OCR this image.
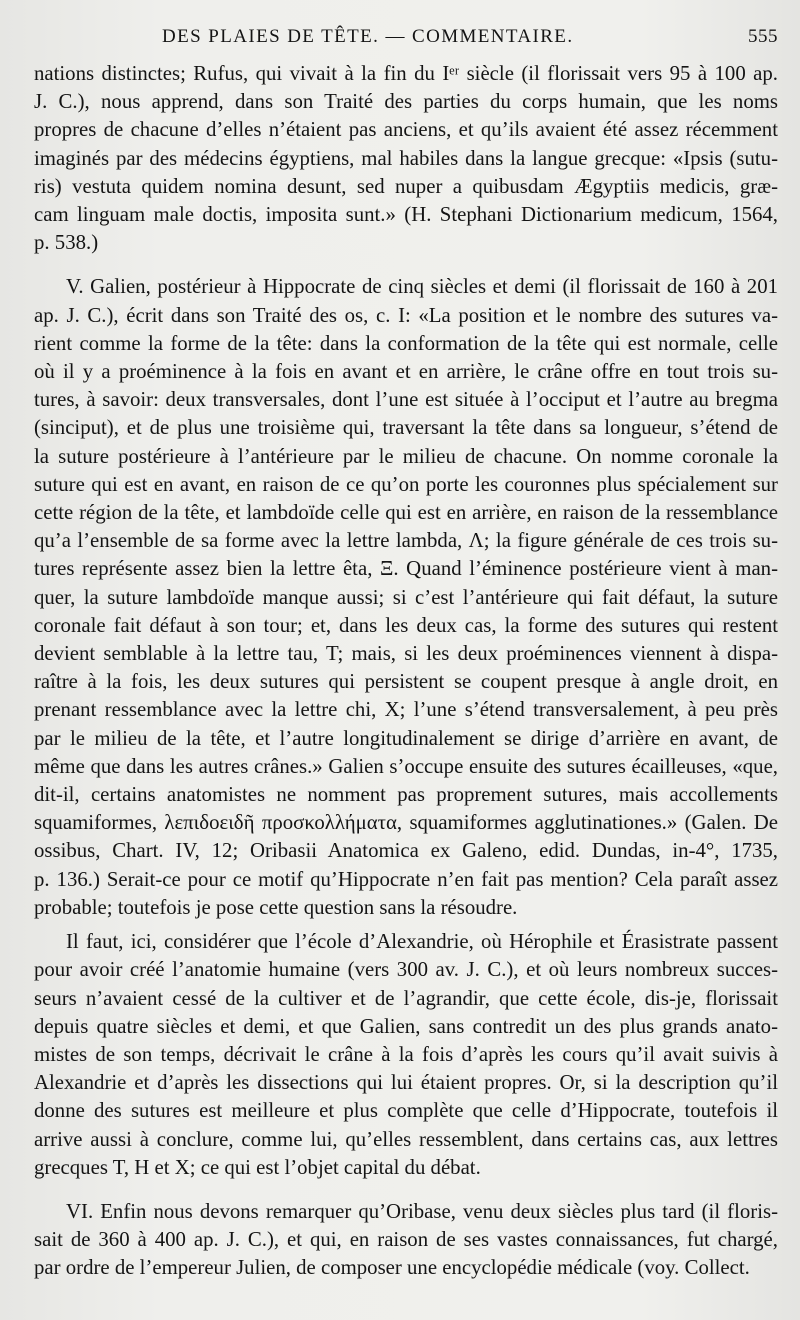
DES PLAIES DE TÊTE. — COMMENTAIRE.	555
nations distinctes; Rufus, qui vivait à la fin du Iᵉʳ siècle (il florissait vers 95 à 100 ap.
J. C.), nous apprend, dans son Traité des parties du corps humain, que les noms
propres de chacune d’elles n’étaient pas anciens, et qu’ils avaient été assez récemment
imaginés par des médecins égyptiens, mal habiles dans la langue grecque: «Ipsis (sutu-
ris) vestuta quidem nomina desunt, sed nuper a quibusdam Ægyptiis medicis, græ-
cam linguam male doctis, imposita sunt.» (H. Stephani Dictionarium medicum, 1564,
p. 538.)
V. Galien, postérieur à Hippocrate de cinq siècles et demi (il florissait de 160 à 201
ap. J. C.), écrit dans son Traité des os, c. I: «La position et le nombre des sutures va-
rient comme la forme de la tête: dans la conformation de la tête qui est normale, celle
où il y a proéminence à la fois en avant et en arrière, le crâne offre en tout trois su-
tures, à savoir: deux transversales, dont l’une est située à l’occiput et l’autre au bregma
(sinciput), et de plus une troisième qui, traversant la tête dans sa longueur, s’étend de
la suture postérieure à l’antérieure par le milieu de chacune. On nomme coronale la
suture qui est en avant, en raison de ce qu’on porte les couronnes plus spécialement sur
cette région de la tête, et lambdoïde celle qui est en arrière, en raison de la ressemblance
qu’a l’ensemble de sa forme avec la lettre lambda, Λ; la figure générale de ces trois su-
tures représente assez bien la lettre êta, Ξ. Quand l’éminence postérieure vient à man-
quer, la suture lambdoïde manque aussi; si c’est l’antérieure qui fait défaut, la suture
coronale fait défaut à son tour; et, dans les deux cas, la forme des sutures qui restent
devient semblable à la lettre tau, T; mais, si les deux proéminences viennent à dispa-
raître à la fois, les deux sutures qui persistent se coupent presque à angle droit, en
prenant ressemblance avec la lettre chi, X; l’une s’étend transversalement, à peu près
par le milieu de la tête, et l’autre longitudinalement se dirige d’arrière en avant, de
même que dans les autres crânes.» Galien s’occupe ensuite des sutures écailleuses, «que,
dit-il, certains anatomistes ne nomment pas proprement sutures, mais accollements
squamiformes, λεπιδοειδῆ προσκολλήματα, squamiformes agglutinationes.» (Galen. De
ossibus, Chart. IV, 12; Oribasii Anatomica ex Galeno, edid. Dundas, in-4°, 1735,
p. 136.) Serait-ce pour ce motif qu’Hippocrate n’en fait pas mention? Cela paraît assez
probable; toutefois je pose cette question sans la résoudre.
Il faut, ici, considérer que l’école d’Alexandrie, où Hérophile et Érasistrate passent
pour avoir créé l’anatomie humaine (vers 300 av. J. C.), et où leurs nombreux succes-
seurs n’avaient cessé de la cultiver et de l’agrandir, que cette école, dis-je, florissait
depuis quatre siècles et demi, et que Galien, sans contredit un des plus grands anato-
mistes de son temps, décrivait le crâne à la fois d’après les cours qu’il avait suivis à
Alexandrie et d’après les dissections qui lui étaient propres. Or, si la description qu’il
donne des sutures est meilleure et plus complète que celle d’Hippocrate, toutefois il
arrive aussi à conclure, comme lui, qu’elles ressemblent, dans certains cas, aux lettres
grecques T, H et X; ce qui est l’objet capital du débat.
VI. Enfin nous devons remarquer qu’Oribase, venu deux siècles plus tard (il floris-
sait de 360 à 400 ap. J. C.), et qui, en raison de ses vastes connaissances, fut chargé,
par ordre de l’empereur Julien, de composer une encyclopédie médicale (voy. Collect.
